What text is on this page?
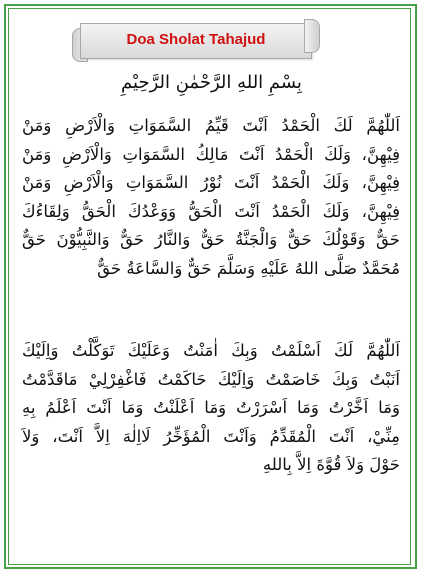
Doa Sholat Tahajud
بِسْمِ اللهِ الرَّحْمٰنِ الرَّحِيْمِ
اَللّٰهُمَّ لَكَ الْحَمْدُ اَنْتَ قَيِّمُ السَّمَوَاتِ وَالْاَرْضِ وَمَنْ
فِيْهِنَّ، وَلَكَ الْحَمْدُ اَنْتَ مَالِكُ السَّمَوَاتِ وَالْاَرْضِ وَمَنْ
فِيْهِنَّ، وَلَكَ الْحَمْدُ اَنْتَ نُوْرُ السَّمَوَاتِ وَالْاَرْضِ وَمَنْ
فِيْهِنَّ، وَلَكَ الْحَمْدُ اَنْتَ الْحَقُّ وَوَعْدُكَ الْحَقُّ وَلِقَاءُكَ
حَقٌّ وَقَوْلُكَ حَقٌّ وَالْجَنَّةُ حَقٌّ وَالنَّارُ حَقٌّ وَالنَّبِيُّوْنَ حَقٌّ
مُحَمَّدٌ صَلَّى اللهُ عَلَيْهِ وَسَلَّمَ حَقٌّ وَالسَّاعَةُ حَقٌّ
اَللّٰهُمَّ لَكَ اَسْلَمْتُ وَبِكَ اٰمَنْتُ وَعَلَيْكَ تَوَكَّلْتُ وَاِلَيْكَ
اَنَبْتُ وَبِكَ خَاصَمْتُ وَاِلَيْكَ حَاكَمْتُ فَاغْفِرْلِيْ مَاقَدَّمْتُ
وَمَا اَخَّرْتُ وَمَا اَسْرَرْتُ وَمَا اَعْلَنْتُ وَمَا اَنْتَ اَعْلَمُ بِهِ
مِنِّيْ، اَنْتَ الْمُقَدِّمُ وَاَنْتَ الْمُؤَخِّرُ لَااِلٰهَ اِلاَّ اَنْتَ، وَلاَ
حَوْلَ وَلاَ قُوَّةَ اِلاَّ بِاللهِ
